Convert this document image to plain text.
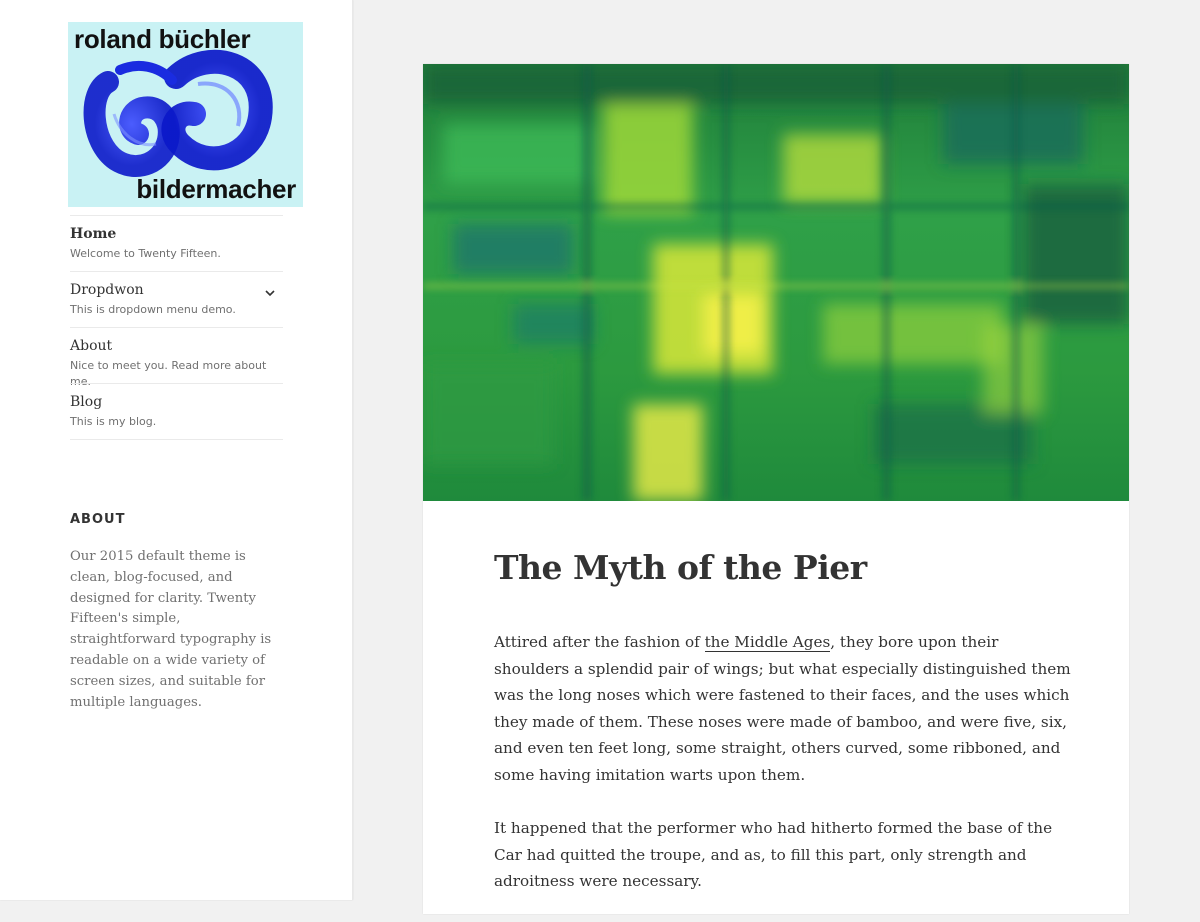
roland büchler
bildermacher
Home
Welcome to Twenty Fifteen.
Dropdwon
This is dropdown menu demo.
About
Nice to meet you. Read more about me.
Blog
This is my blog.
ABOUT

Our 2015 default theme is clean, blog-focused, and designed for clarity. Twenty Fifteen's simple, straightforward typography is readable on a wide variety of screen sizes, and suitable for multiple languages.

The Myth of the Pier

Attired after the fashion of the Middle Ages, they bore upon their shoulders a splendid pair of wings; but what especially distinguished them was the long noses which were fastened to their faces, and the uses which they made of them. These noses were made of bamboo, and were five, six, and even ten feet long, some straight, others curved, some ribboned, and some having imitation warts upon them.

It happened that the performer who had hitherto formed the base of the Car had quitted the troupe, and as, to fill this part, only strength and adroitness were necessary.
